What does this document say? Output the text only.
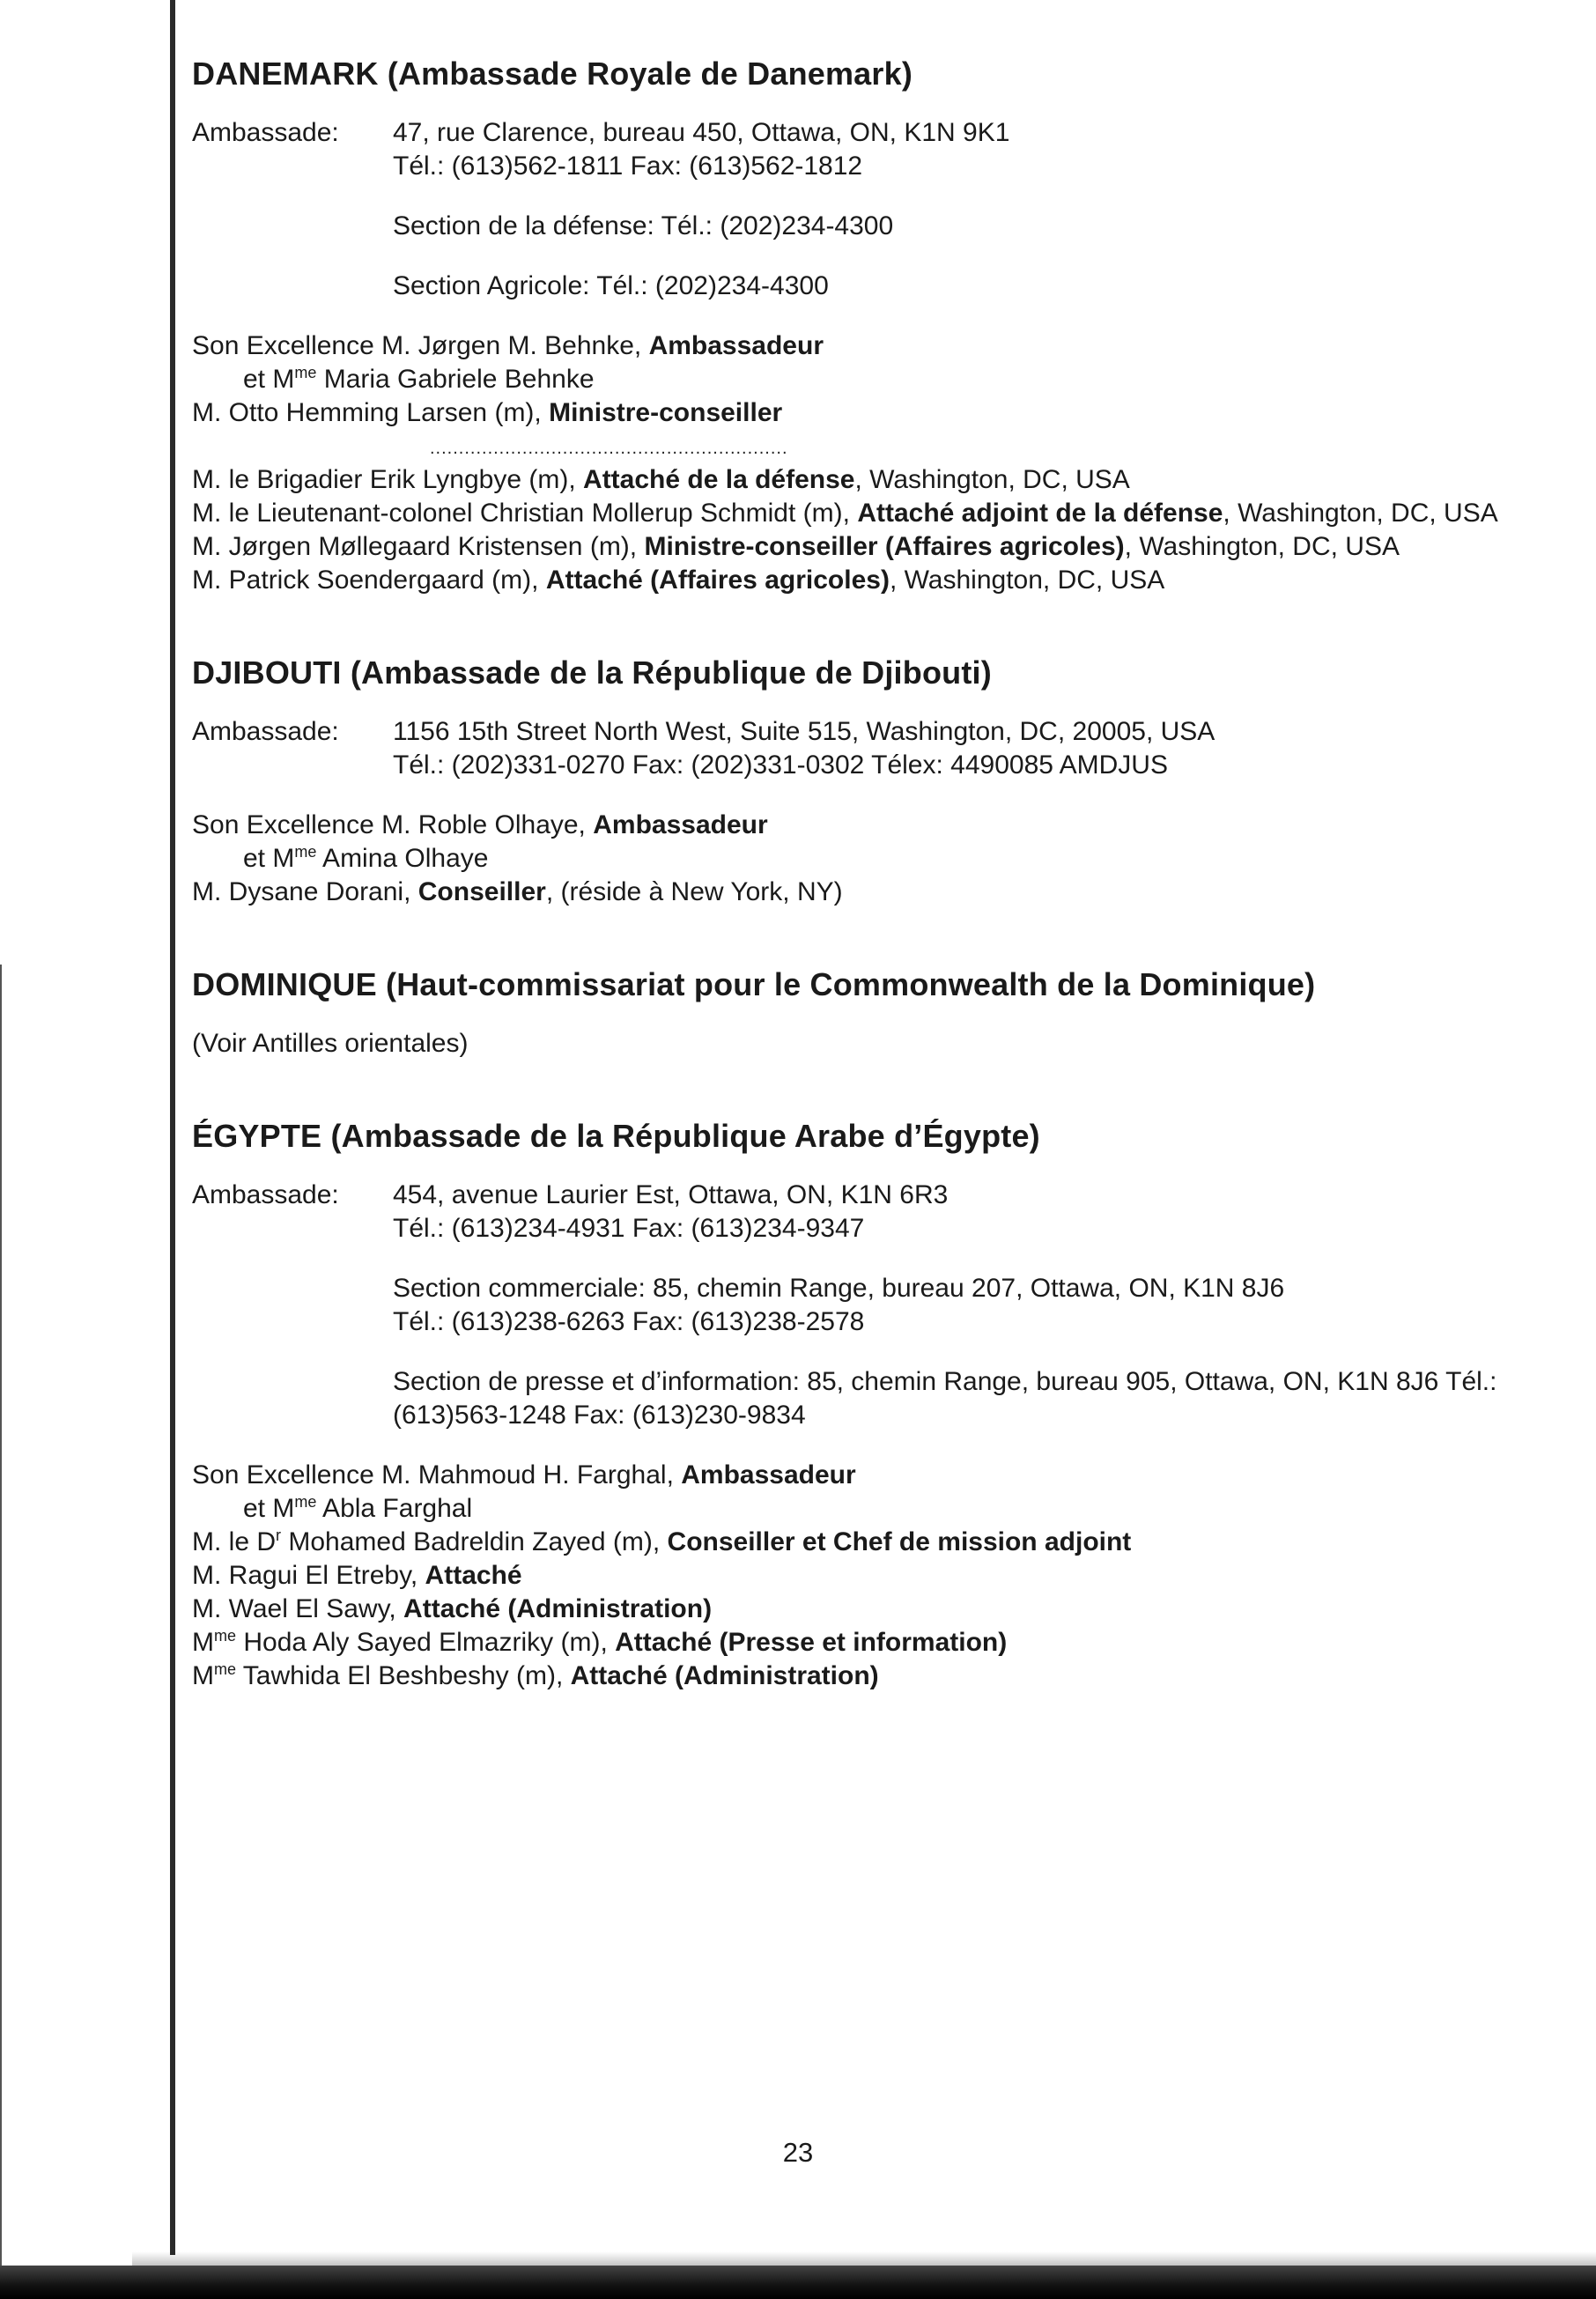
DANEMARK (Ambassade Royale de Danemark)
Ambassade:	47, rue Clarence, bureau 450, Ottawa, ON, K1N 9K1
Tél.: (613)562-1811 Fax: (613)562-1812
Section de la défense: Tél.: (202)234-4300
Section Agricole: Tél.: (202)234-4300
Son Excellence M. Jørgen M. Behnke, Ambassadeur
et $M^{me}$ Maria Gabriele Behnke
M. Otto Hemming Larsen (m), Ministre-conseiller
..............................................................
M. le Brigadier Erik Lyngbye (m), Attaché de la défense, Washington, DC, USA
M. le Lieutenant-colonel Christian Mollerup Schmidt (m), Attaché adjoint de la défense, Washington, DC, USA
M. Jørgen Møllegaard Kristensen (m), Ministre-conseiller (Affaires agricoles), Washington, DC, USA
M. Patrick Soendergaard (m), Attaché (Affaires agricoles), Washington, DC, USA
DJIBOUTI (Ambassade de la République de Djibouti)
Ambassade:	1156 15th Street North West, Suite 515, Washington, DC, 20005, USA
Tél.: (202)331-0270 Fax: (202)331-0302 Télex: 4490085 AMDJUS
Son Excellence M. Roble Olhaye, Ambassadeur
et $M^{me}$ Amina Olhaye
M. Dysane Dorani, Conseiller, (réside à New York, NY)
DOMINIQUE (Haut-commissariat pour le Commonwealth de la Dominique)
(Voir Antilles orientales)
ÉGYPTE (Ambassade de la République Arabe d’Égypte)
Ambassade:	454, avenue Laurier Est, Ottawa, ON, K1N 6R3
Tél.: (613)234-4931 Fax: (613)234-9347
Section commerciale: 85, chemin Range, bureau 207, Ottawa, ON, K1N 8J6
Tél.: (613)238-6263 Fax: (613)238-2578
Section de presse et d’information: 85, chemin Range, bureau 905, Ottawa, ON, K1N 8J6 Tél.: (613)563-1248 Fax: (613)230-9834
Son Excellence M. Mahmoud H. Farghal, Ambassadeur
et $M^{me}$ Abla Farghal
M. le $D^r$ Mohamed Badreldin Zayed (m), Conseiller et Chef de mission adjoint
M. Ragui El Etreby, Attaché
M. Wael El Sawy, Attaché (Administration)
$M^{me}$ Hoda Aly Sayed Elmazriky (m), Attaché (Presse et information)
$M^{me}$ Tawhida El Beshbeshy (m), Attaché (Administration)
23
